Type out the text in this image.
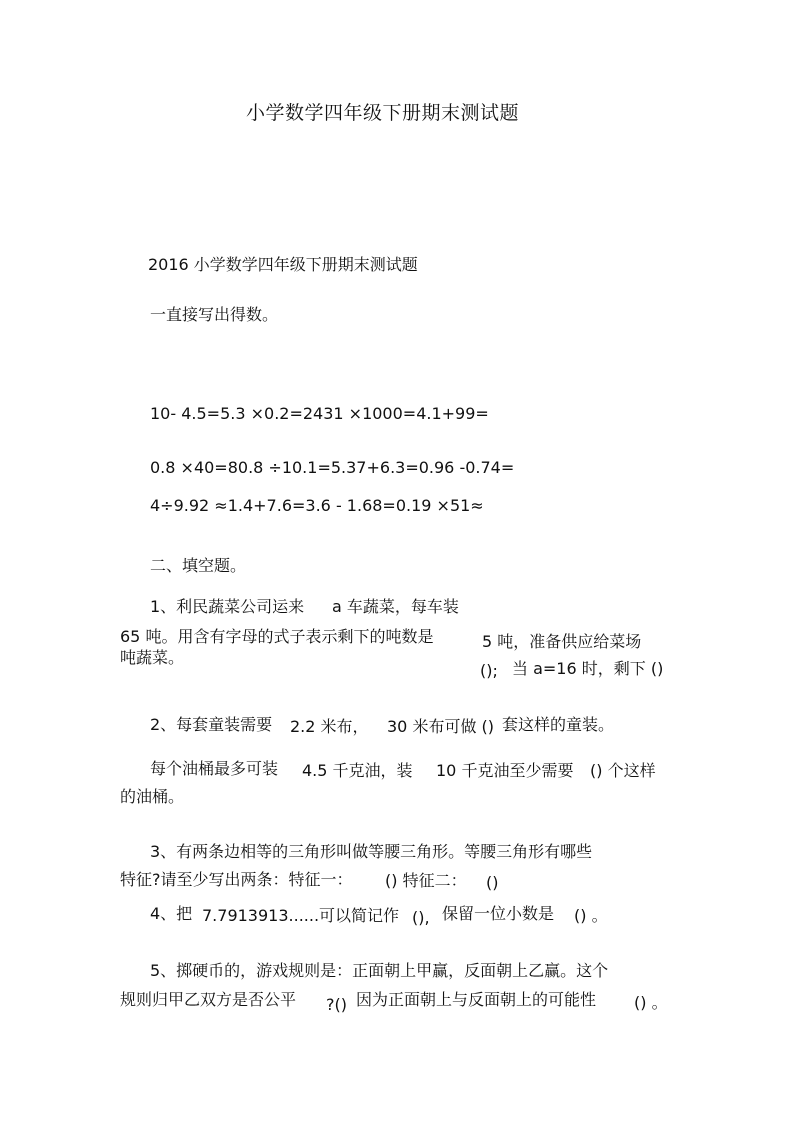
小学数学四年级下册期末测试题
2016 小学数学四年级下册期末测试题
一直接写出得数。
10- 4.5=5.3 ×0.2=2431 ×1000=4.1+99=
0.8 ×40=80.8 ÷10.1=5.37+6.3=0.96 -0.74=
4÷9.92 ≈1.4+7.6=3.6 - 1.68=0.19 ×51≈
二、填空题。
1、利民蔬菜公司运来 a 车蔬菜，每车装
65 吨。用含有字母的式子表示剩下的吨数是	5 吨，准备供应给菜场
吨蔬菜。
(); 当 a=16 时，剩下 ()
2、每套童装需要 2.2 米布， 30 米布可做 () 套这样的童装。
每个油桶最多可装 4.5 千克油，装 10 千克油至少需要 () 个这样
的油桶。
3、有两条边相等的三角形叫做等腰三角形。等腰三角形有哪些
特征?请至少写出两条：特征一： () 特征二： ()
4、把 7.7913913......可以简记作 (), 保留一位小数是 () 。
5、掷硬币的，游戏规则是：正面朝上甲赢，反面朝上乙赢。这个
规则归甲乙双方是否公平 ?() 因为正面朝上与反面朝上的可能性 () 。
